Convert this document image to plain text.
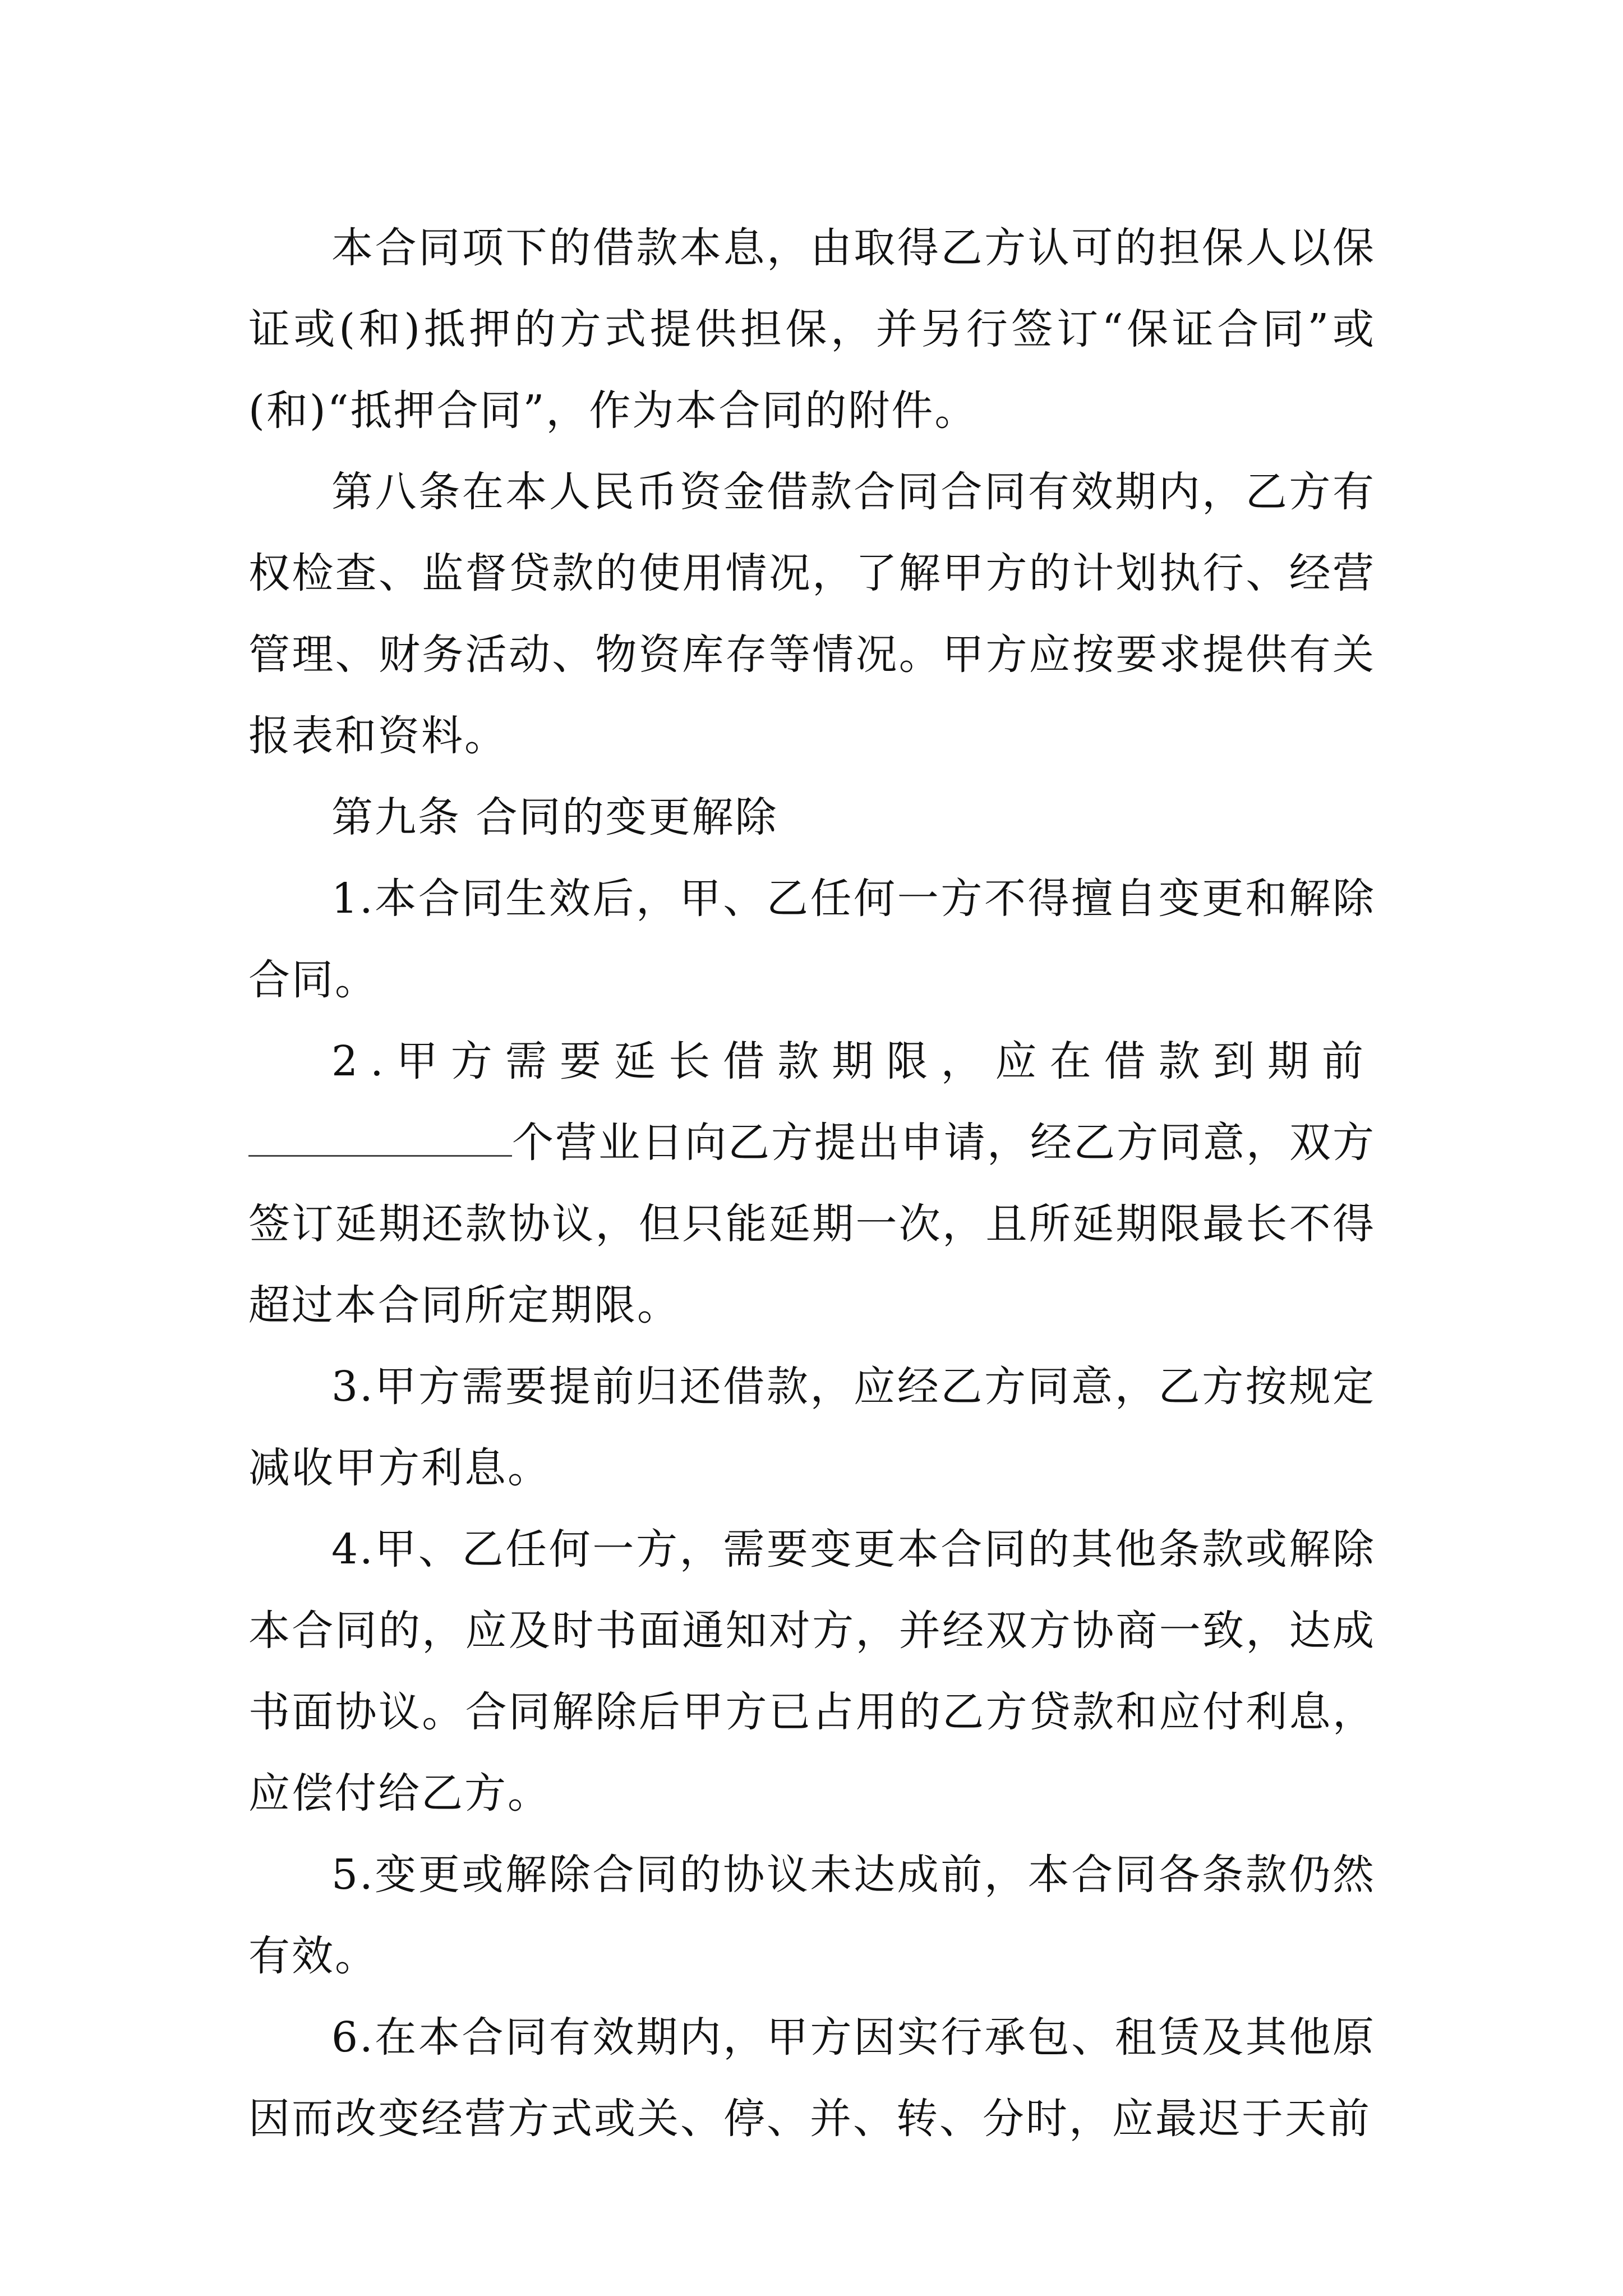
本合同项下的借款本息，由取得乙方认可的担保人以保证或(和)抵押的方式提供担保，并另行签订“保证合同”或(和)“抵押合同”，作为本合同的附件。

第八条在本人民币资金借款合同合同有效期内，乙方有权检查、监督贷款的使用情况，了解甲方的计划执行、经营管理、财务活动、物资库存等情况。甲方应按要求提供有关报表和资料。

第九条 合同的变更解除

1.本合同生效后，甲、乙任何一方不得擅自变更和解除合同。

2.甲方需要延长借款期限，应在借款到期前

个营业日向乙方提出申请，经乙方同意，双方签订延期还款协议，但只能延期一次，且所延期限最长不得超过本合同所定期限。

3.甲方需要提前归还借款，应经乙方同意，乙方按规定减收甲方利息。

4.甲、乙任何一方，需要变更本合同的其他条款或解除本合同的，应及时书面通知对方，并经双方协商一致，达成书面协议。合同解除后甲方已占用的乙方贷款和应付利息，应偿付给乙方。

5.变更或解除合同的协议未达成前，本合同各条款仍然有效。

6.在本合同有效期内，甲方因实行承包、租赁及其他原因而改变经营方式或关、停、并、转、分时，应最迟于天前
